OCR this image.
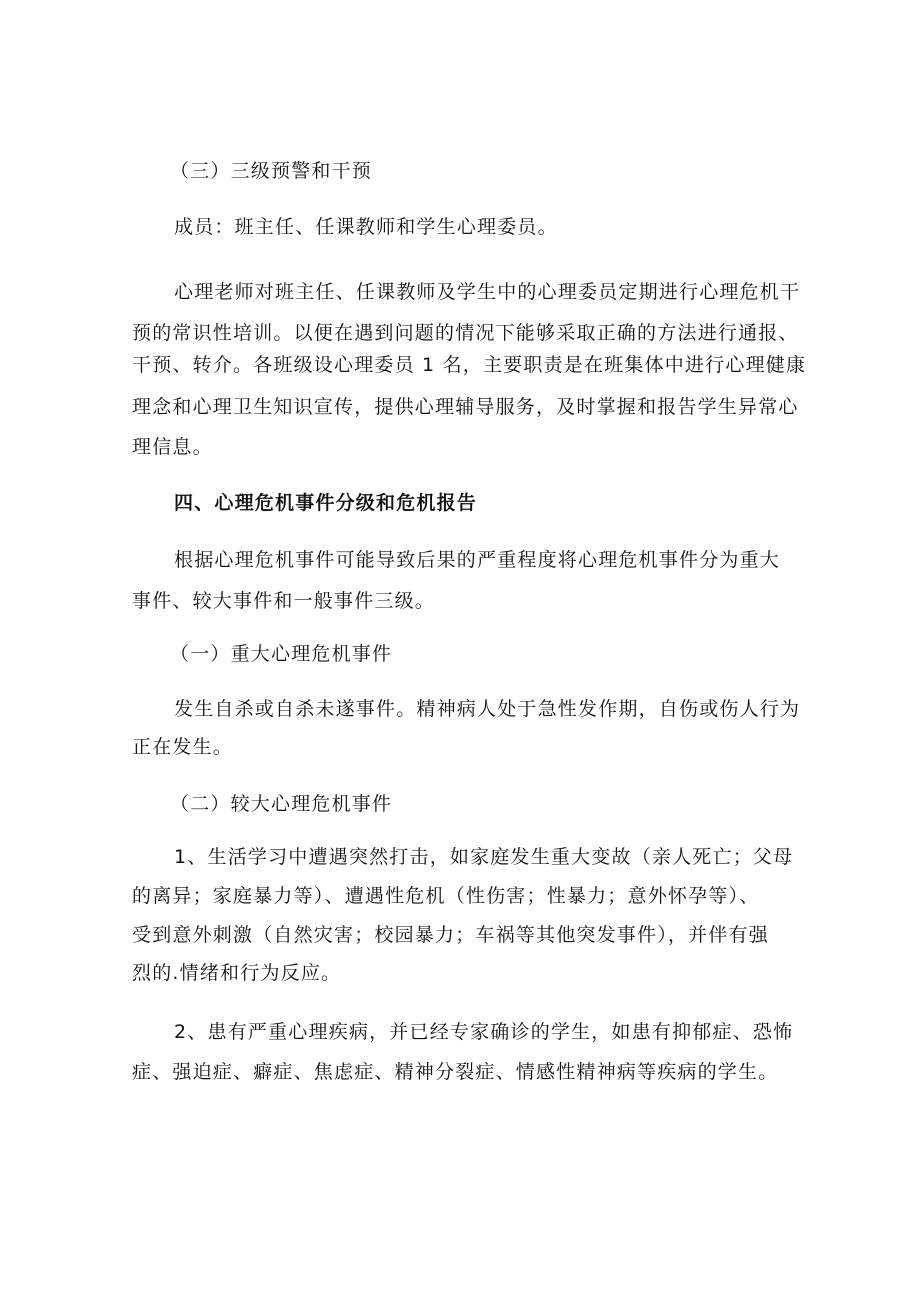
（三）三级预警和干预

成员：班主任、任课教师和学生心理委员。

心理老师对班主任、任课教师及学生中的心理委员定期进行心理危机干

预的常识性培训。以便在遇到问题的情况下能够采取正确的方法进行通报、

干预、转介。各班级设心理委员 1 名，主要职责是在班集体中进行心理健康

理念和心理卫生知识宣传，提供心理辅导服务，及时掌握和报告学生异常心

理信息。

四、心理危机事件分级和危机报告

根据心理危机事件可能导致后果的严重程度将心理危机事件分为重大

事件、较大事件和一般事件三级。

（一）重大心理危机事件

发生自杀或自杀未遂事件。精神病人处于急性发作期，自伤或伤人行为

正在发生。

（二）较大心理危机事件

1、生活学习中遭遇突然打击，如家庭发生重大变故（亲人死亡；父母

的离异；家庭暴力等）、遭遇性危机（性伤害；性暴力；意外怀孕等）、

受到意外刺激（自然灾害；校园暴力；车祸等其他突发事件），并伴有强

烈的.情绪和行为反应。

2、患有严重心理疾病，并已经专家确诊的学生，如患有抑郁症、恐怖

症、强迫症、癖症、焦虑症、精神分裂症、情感性精神病等疾病的学生。
